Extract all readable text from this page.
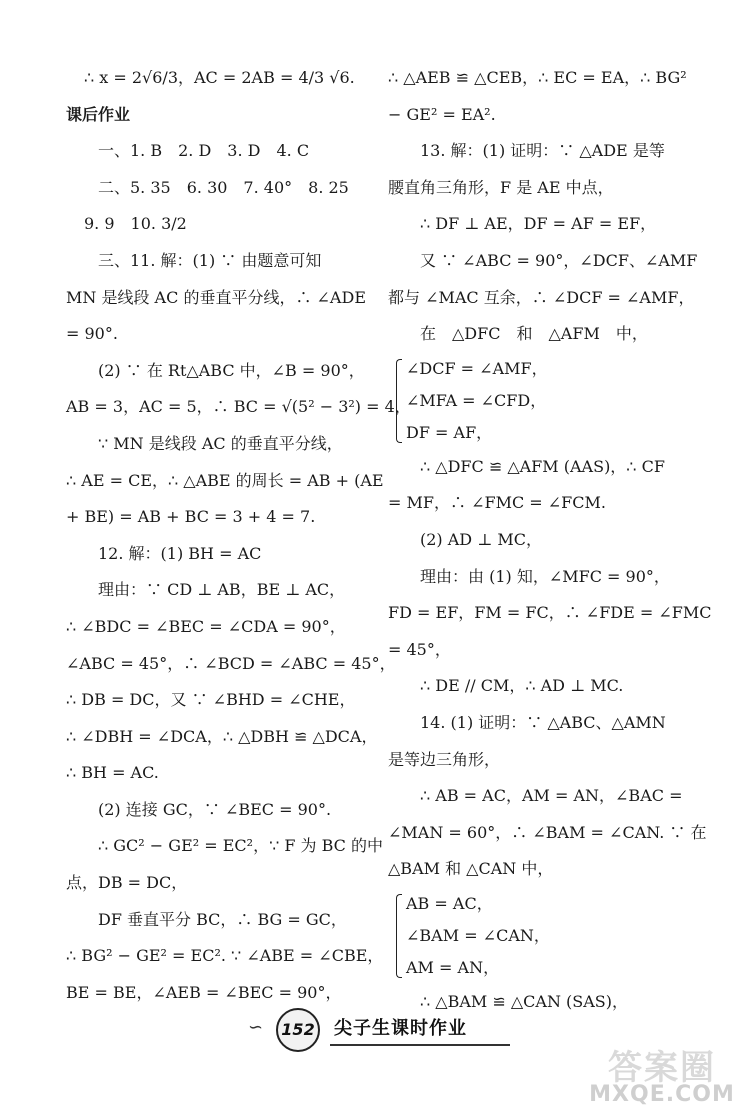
∴ x = 2√6/3，AC = 2AB = 4/3 √6.
课后作业
一、1. B　2. D　3. D　4. C
二、5. 35　6. 30　7. 40°　8. 25
9. 9　10. 3/2
三、11. 解：(1) ∵ 由题意可知
MN 是线段 AC 的垂直平分线，∴ ∠ADE
= 90°.
(2) ∵ 在 Rt△ABC 中，∠B = 90°，
AB = 3，AC = 5，∴ BC = √(5² − 3²) = 4，
∵ MN 是线段 AC 的垂直平分线，
∴ AE = CE，∴ △ABE 的周长 = AB + (AE
+ BE) = AB + BC = 3 + 4 = 7.
12. 解：(1) BH = AC
理由：∵ CD ⊥ AB，BE ⊥ AC，
∴ ∠BDC = ∠BEC = ∠CDA = 90°，
∠ABC = 45°，∴ ∠BCD = ∠ABC = 45°，
∴ DB = DC，又 ∵ ∠BHD = ∠CHE，
∴ ∠DBH = ∠DCA，∴ △DBH ≌ △DCA，
∴ BH = AC.
(2) 连接 GC，∵ ∠BEC = 90°.
∴ GC² − GE² = EC²，∵ F 为 BC 的中
点，DB = DC，
DF 垂直平分 BC，∴ BG = GC，
∴ BG² − GE² = EC². ∵ ∠ABE = ∠CBE，
BE = BE，∠AEB = ∠BEC = 90°，
∴ △AEB ≌ △CEB，∴ EC = EA，∴ BG²
− GE² = EA².
13. 解：(1) 证明：∵ △ADE 是等
腰直角三角形，F 是 AE 中点，
∴ DF ⊥ AE，DF = AF = EF，
又 ∵ ∠ABC = 90°，∠DCF、∠AMF
都与 ∠MAC 互余，∴ ∠DCF = ∠AMF，
在　△DFC　和　△AFM　中，
∠DCF = ∠AMF，
∠MFA = ∠CFD，
DF = AF，
∴ △DFC ≌ △AFM (AAS)，∴ CF
= MF，∴ ∠FMC = ∠FCM.
(2) AD ⊥ MC，
理由：由 (1) 知，∠MFC = 90°，
FD = EF，FM = FC，∴ ∠FDE = ∠FMC
= 45°，
∴ DE // CM，∴ AD ⊥ MC.
14. (1) 证明：∵ △ABC、△AMN
是等边三角形，
∴ AB = AC，AM = AN，∠BAC =
∠MAN = 60°，∴ ∠BAM = ∠CAN. ∵ 在
△BAM 和 △CAN 中，
AB = AC，
∠BAM = ∠CAN，
AM = AN，
∴ △BAM ≌ △CAN (SAS)，
∽	152 尖子生课时作业
答案圈
MXQE.COM
